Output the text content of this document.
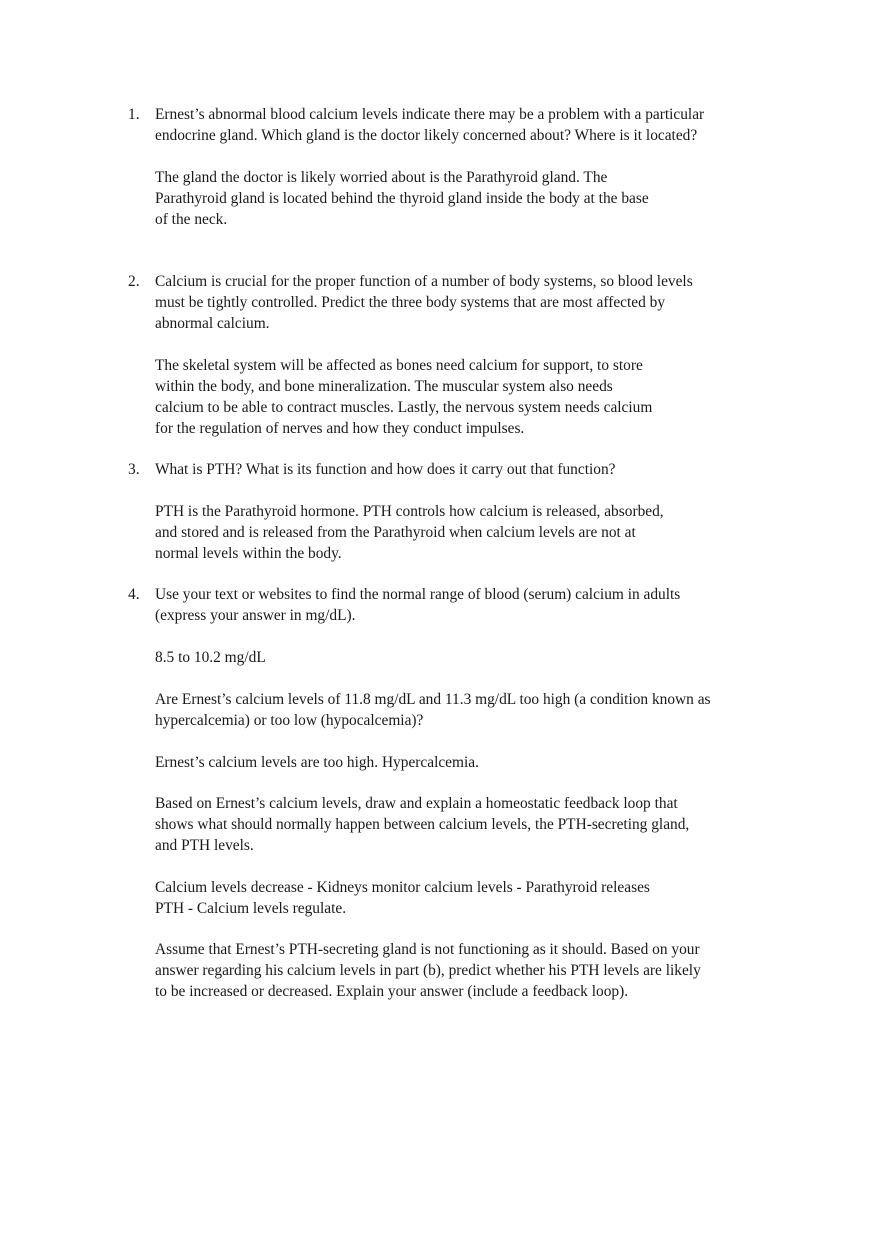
1. Ernest’s abnormal blood calcium levels indicate there may be a problem with a particular
endocrine gland. Which gland is the doctor likely concerned about? Where is it located?

The gland the doctor is likely worried about is the Parathyroid gland. The
Parathyroid gland is located behind the thyroid gland inside the body at the base
of the neck.

2. Calcium is crucial for the proper function of a number of body systems, so blood levels
must be tightly controlled. Predict the three body systems that are most affected by
abnormal calcium.

The skeletal system will be affected as bones need calcium for support, to store
within the body, and bone mineralization. The muscular system also needs
calcium to be able to contract muscles. Lastly, the nervous system needs calcium
for the regulation of nerves and how they conduct impulses.

3. What is PTH? What is its function and how does it carry out that function?

PTH is the Parathyroid hormone. PTH controls how calcium is released, absorbed,
and stored and is released from the Parathyroid when calcium levels are not at
normal levels within the body.

4. Use your text or websites to find the normal range of blood (serum) calcium in adults
(express your answer in mg/dL).

8.5 to 10.2 mg/dL

Are Ernest’s calcium levels of 11.8 mg/dL and 11.3 mg/dL too high (a condition known as
hypercalcemia) or too low (hypocalcemia)?

Ernest’s calcium levels are too high. Hypercalcemia.

Based on Ernest’s calcium levels, draw and explain a homeostatic feedback loop that
shows what should normally happen between calcium levels, the PTH-secreting gland,
and PTH levels.

Calcium levels decrease - Kidneys monitor calcium levels - Parathyroid releases
PTH - Calcium levels regulate.

Assume that Ernest’s PTH-secreting gland is not functioning as it should. Based on your
answer regarding his calcium levels in part (b), predict whether his PTH levels are likely
to be increased or decreased. Explain your answer (include a feedback loop).
